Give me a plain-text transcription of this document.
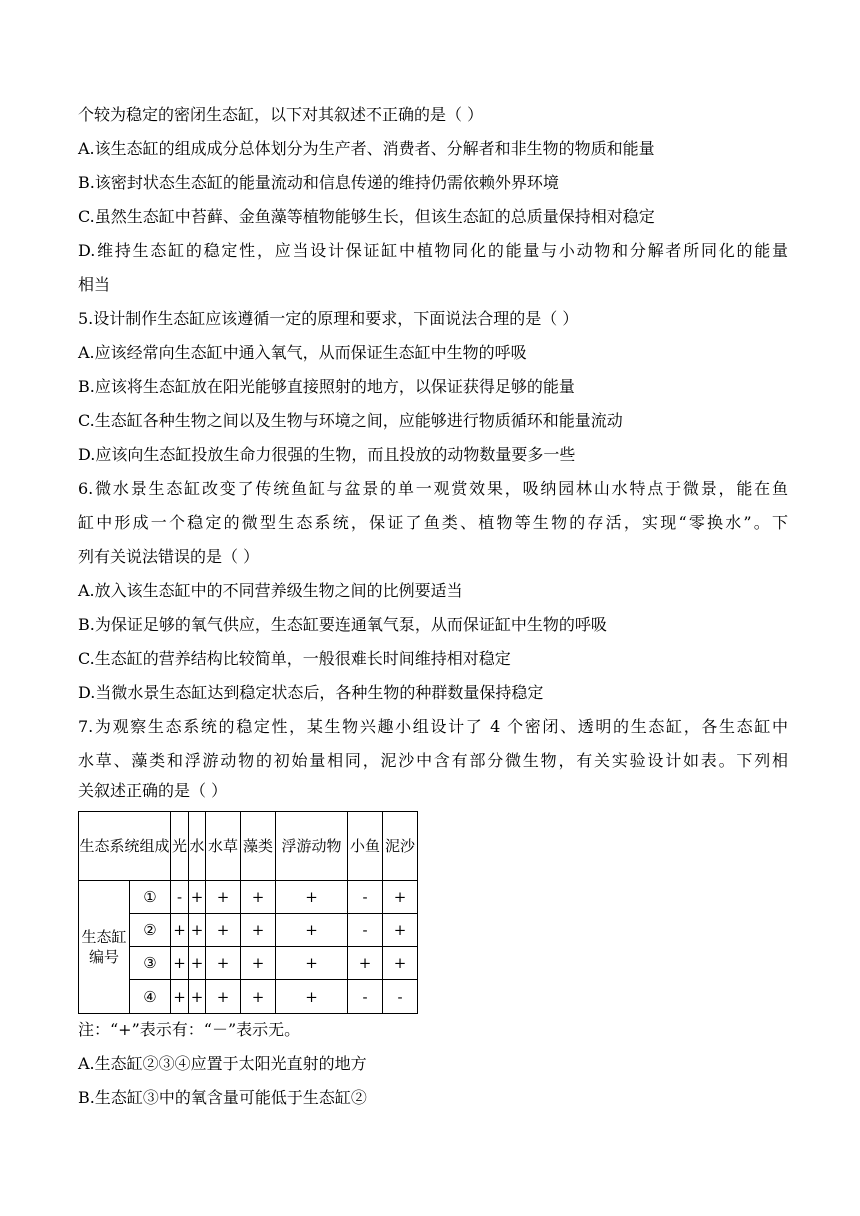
个较为稳定的密闭生态缸，以下对其叙述不正确的是（ ）
A.该生态缸的组成成分总体划分为生产者、消费者、分解者和非生物的物质和能量
B.该密封状态生态缸的能量流动和信息传递的维持仍需依赖外界环境
C.虽然生态缸中苔藓、金鱼藻等植物能够生长，但该生态缸的总质量保持相对稳定
D.维持生态缸的稳定性，应当设计保证缸中植物同化的能量与小动物和分解者所同化的能量
相当
5.设计制作生态缸应该遵循一定的原理和要求，下面说法合理的是（ ）
A.应该经常向生态缸中通入氧气，从而保证生态缸中生物的呼吸
B.应该将生态缸放在阳光能够直接照射的地方，以保证获得足够的能量
C.生态缸各种生物之间以及生物与环境之间，应能够进行物质循环和能量流动
D.应该向生态缸投放生命力很强的生物，而且投放的动物数量要多一些
6.微水景生态缸改变了传统鱼缸与盆景的单一观赏效果，吸纳园林山水特点于微景，能在鱼
缸中形成一个稳定的微型生态系统，保证了鱼类、植物等生物的存活，实现“零换水”。下
列有关说法错误的是（ ）
A.放入该生态缸中的不同营养级生物之间的比例要适当
B.为保证足够的氧气供应，生态缸要连通氧气泵，从而保证缸中生物的呼吸
C.生态缸的营养结构比较简单，一般很难长时间维持相对稳定
D.当微水景生态缸达到稳定状态后，各种生物的种群数量保持稳定
7.为观察生态系统的稳定性，某生物兴趣小组设计了 4 个密闭、透明的生态缸，各生态缸中
水草、藻类和浮游动物的初始量相同，泥沙中含有部分微生物，有关实验设计如表。下列相
关叙述正确的是（ ）
生态系统组成		光	水	水草	藻类	浮游动物	小鱼	泥沙
生态缸编号	①	-	+	+	+	+	-	+
	②	+	+	+	+	+	-	+
	③	+	+	+	+	+	+	+
	④	+	+	+	+	+	-	-
注：“+”表示有：“－”表示无。
A.生态缸②③④应置于太阳光直射的地方
B.生态缸③中的氧含量可能低于生态缸②
